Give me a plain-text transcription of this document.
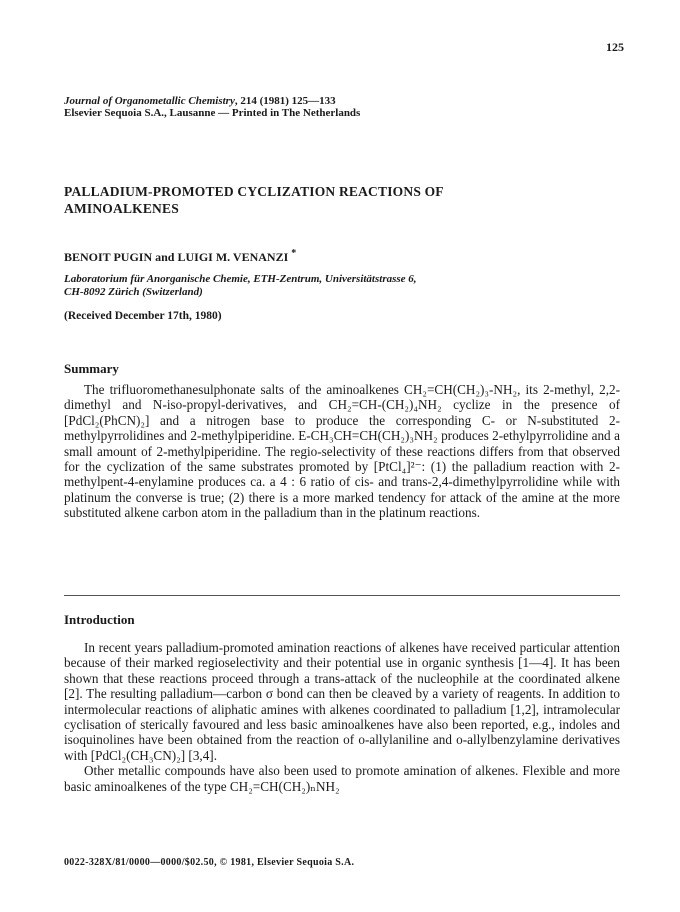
125
Journal of Organometallic Chemistry, 214 (1981) 125—133
Elsevier Sequoia S.A., Lausanne — Printed in The Netherlands
PALLADIUM-PROMOTED CYCLIZATION REACTIONS OF
AMINOALKENES
BENOIT PUGIN and LUIGI M. VENANZI *
Laboratorium für Anorganische Chemie, ETH-Zentrum, Universitätstrasse 6,
CH-8092 Zürich (Switzerland)
(Received December 17th, 1980)
Summary

The trifluoromethanesulphonate salts of the aminoalkenes CH₂=CH(CH₂)₃-NH₂, its 2-methyl, 2,2-dimethyl and N-iso-propyl-derivatives, and CH₂=CH-(CH₂)₄NH₂ cyclize in the presence of [PdCl₂(PhCN)₂] and a nitrogen base to produce the corresponding C- or N-substituted 2-methylpyrrolidines and 2-methylpiperidine. E-CH₃CH=CH(CH₂)₃NH₂ produces 2-ethylpyrrolidine and a small amount of 2-methylpiperidine. The regio-selectivity of these reactions differs from that observed for the cyclization of the same substrates promoted by [PtCl₄]²⁻: (1) the palladium reaction with 2-methylpent-4-enylamine produces ca. a 4 : 6 ratio of cis- and trans-2,4-dimethylpyrrolidine while with platinum the converse is true; (2) there is a more marked tendency for attack of the amine at the more substituted alkene carbon atom in the palladium than in the platinum reactions.

Introduction

In recent years palladium-promoted amination reactions of alkenes have received particular attention because of their marked regioselectivity and their potential use in organic synthesis [1—4]. It has been shown that these reactions proceed through a trans-attack of the nucleophile at the coordinated alkene [2]. The resulting palladium—carbon σ bond can then be cleaved by a variety of reagents. In addition to intermolecular reactions of aliphatic amines with alkenes coordinated to palladium [1,2], intramolecular cyclisation of sterically favoured and less basic aminoalkenes have also been reported, e.g., indoles and isoquinolines have been obtained from the reaction of o-allylaniline and o-allylbenzylamine derivatives with [PdCl₂(CH₃CN)₂] [3,4].

Other metallic compounds have also been used to promote amination of alkenes. Flexible and more basic aminoalkenes of the type CH₂=CH(CH₂)ₙNH₂

0022-328X/81/0000—0000/$02.50, © 1981, Elsevier Sequoia S.A.
